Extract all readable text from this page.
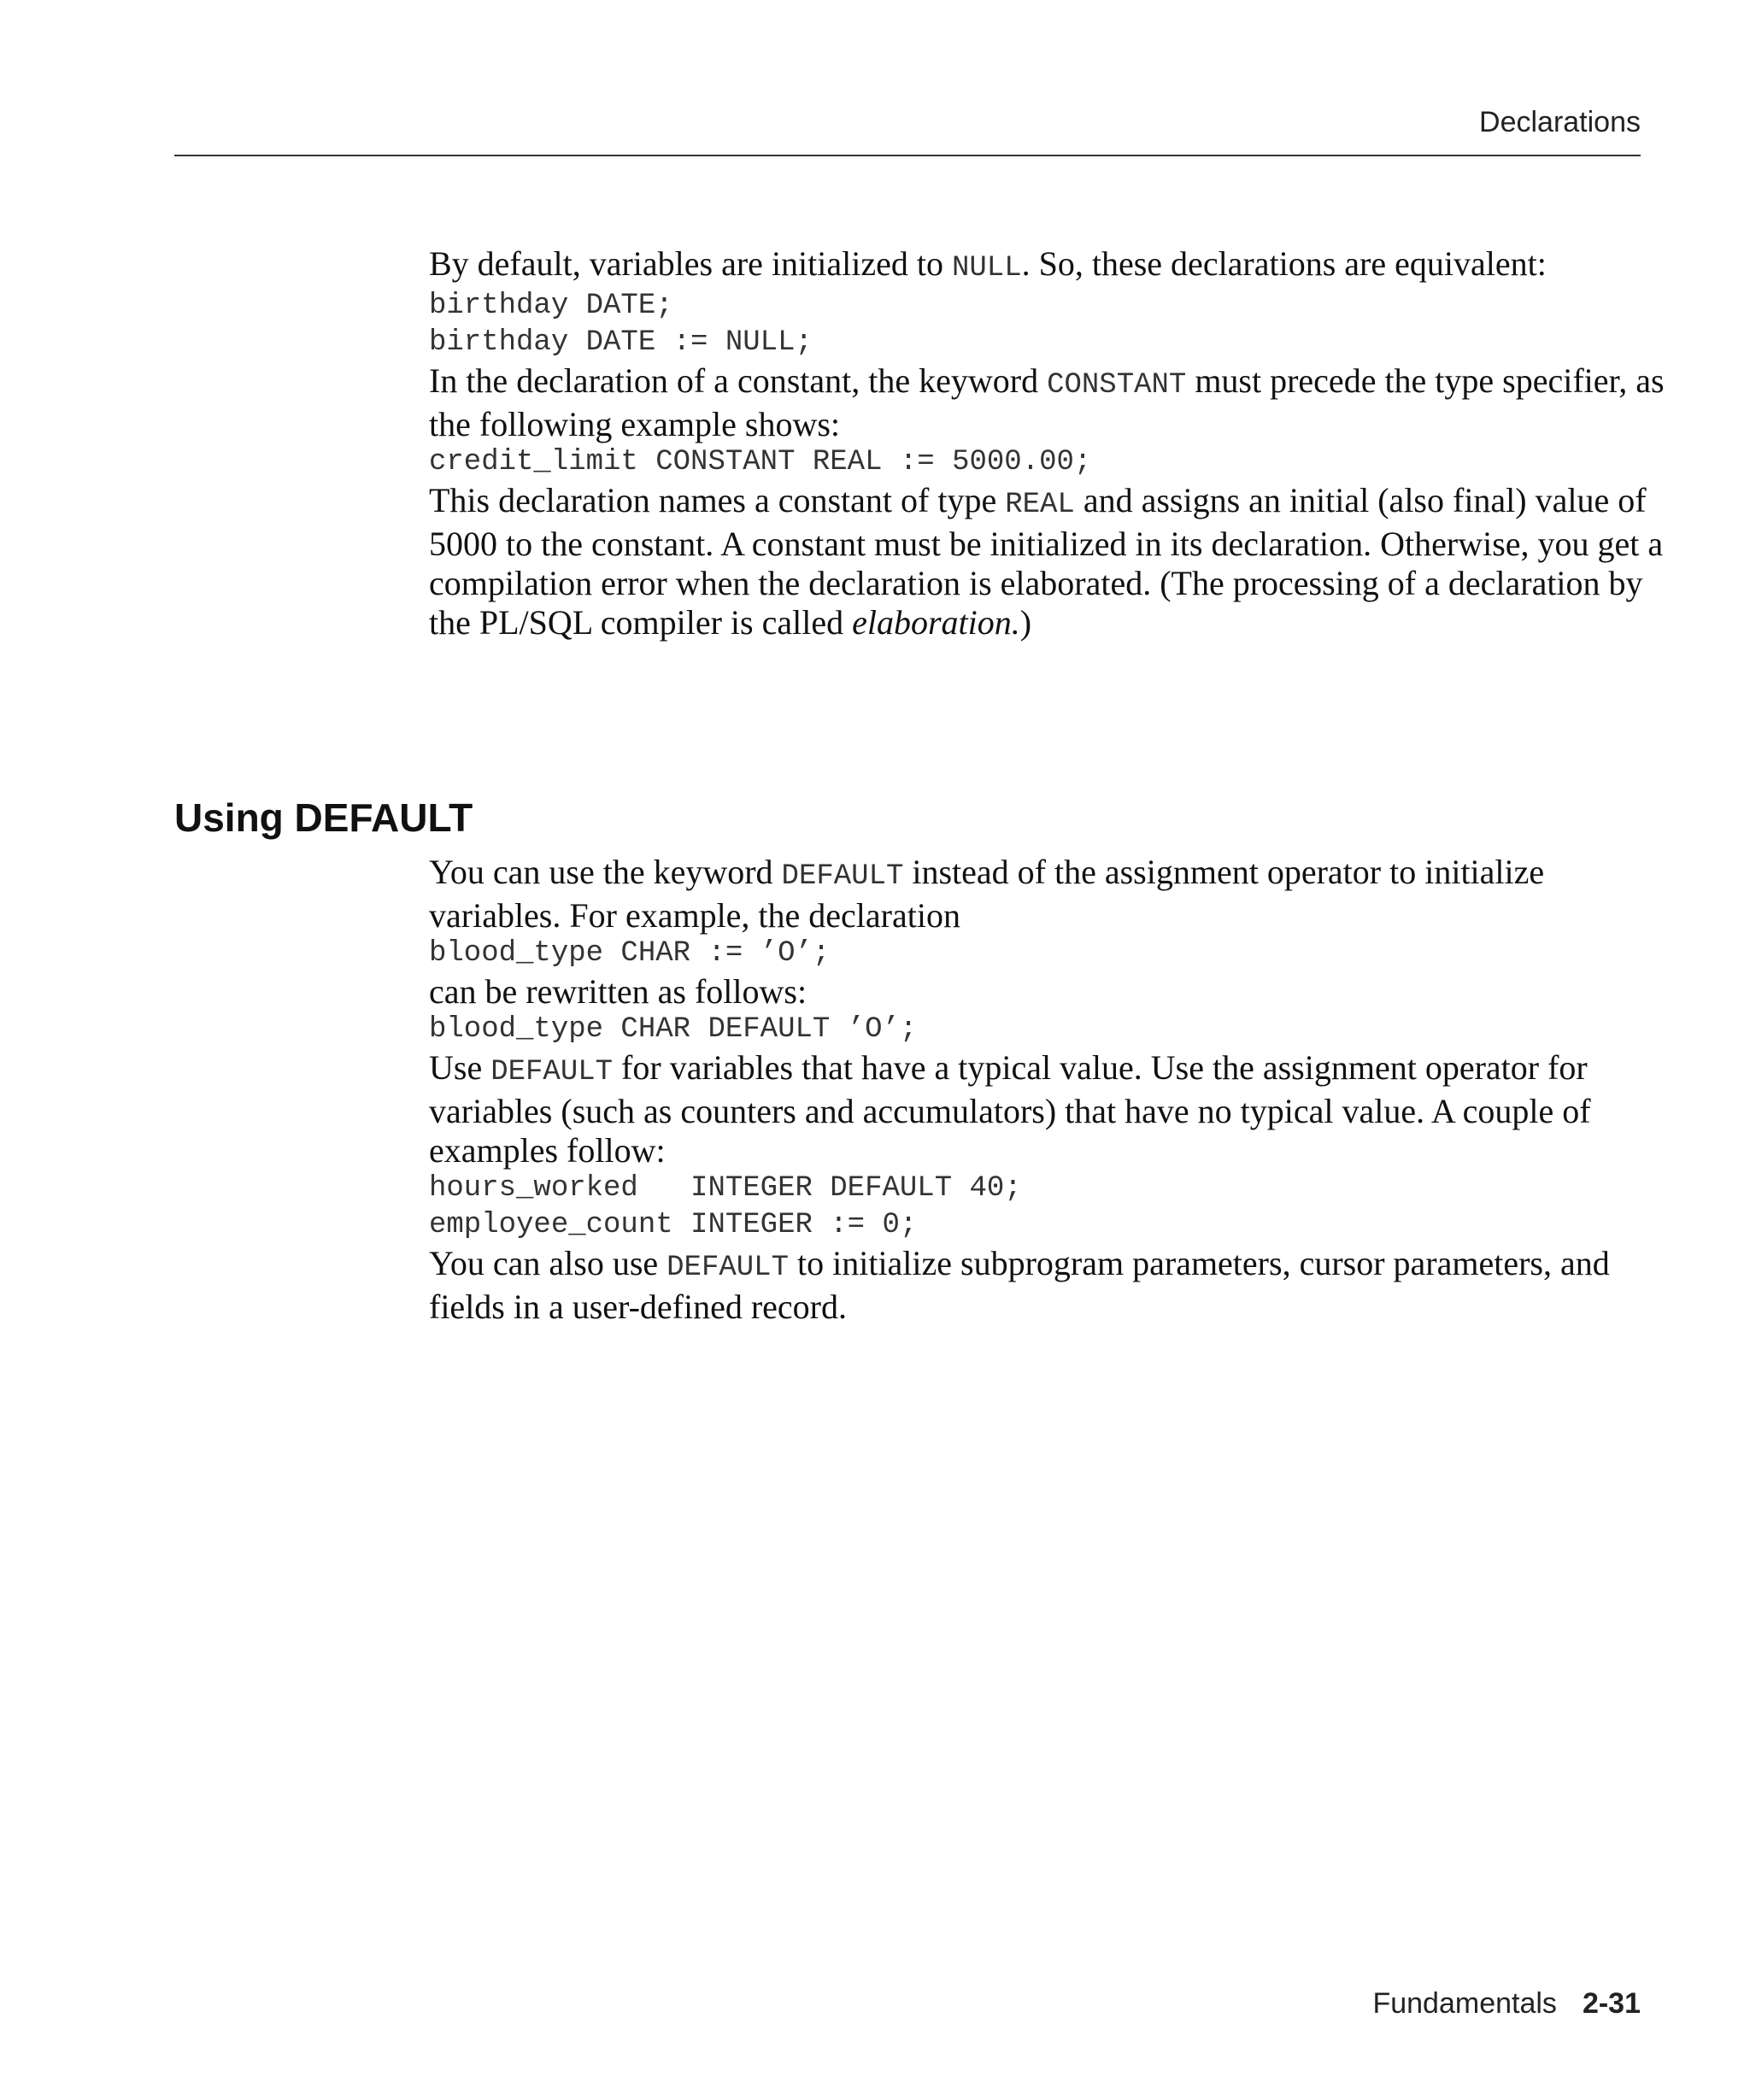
Declarations

By default, variables are initialized to NULL. So, these declarations are equivalent:

birthday DATE;
birthday DATE := NULL;

In the declaration of a constant, the keyword CONSTANT must precede the type specifier, as the following example shows:

credit_limit CONSTANT REAL := 5000.00;

This declaration names a constant of type REAL and assigns an initial (also final) value of 5000 to the constant. A constant must be initialized in its declaration. Otherwise, you get a compilation error when the declaration is elaborated. (The processing of a declaration by the PL/SQL compiler is called elaboration.)

Using DEFAULT

You can use the keyword DEFAULT instead of the assignment operator to initialize variables. For example, the declaration

blood_type CHAR := ’O’;

can be rewritten as follows:

blood_type CHAR DEFAULT ’O’;

Use DEFAULT for variables that have a typical value. Use the assignment operator for variables (such as counters and accumulators) that have no typical value. A couple of examples follow:

hours_worked   INTEGER DEFAULT 40;
employee_count INTEGER := 0;

You can also use DEFAULT to initialize subprogram parameters, cursor parameters, and fields in a user-defined record.

Fundamentals 2-31
